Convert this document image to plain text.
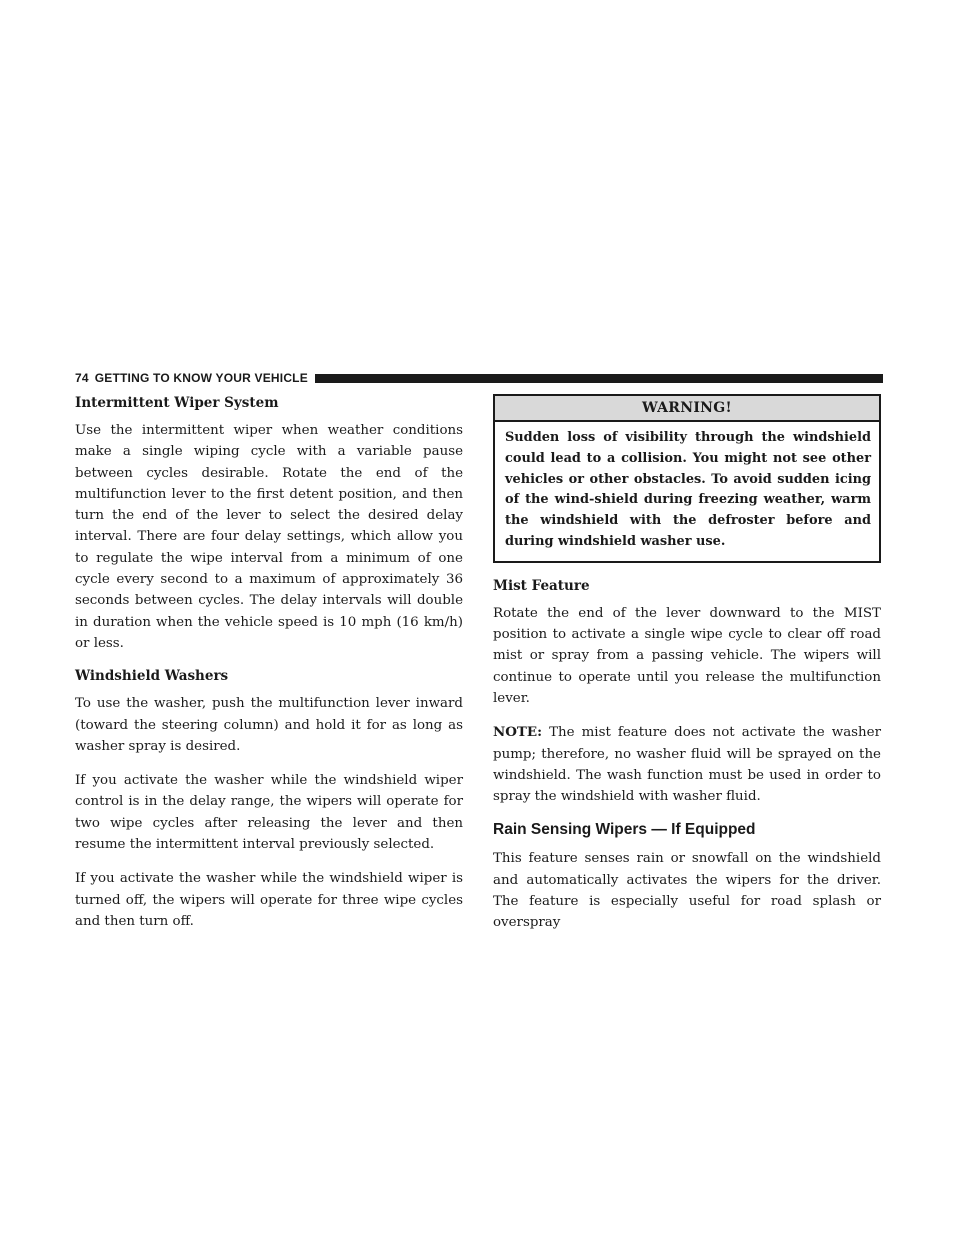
74 GETTING TO KNOW YOUR VEHICLE
Intermittent Wiper System

Use the intermittent wiper when weather conditions make a single wiping cycle with a variable pause between cycles desirable. Rotate the end of the multifunction lever to the first detent position, and then turn the end of the lever to select the desired delay interval. There are four delay settings, which allow you to regulate the wipe interval from a minimum of one cycle every second to a maximum of approximately 36 seconds between cycles. The delay intervals will double in duration when the vehicle speed is 10 mph (16 km/h) or less.

Windshield Washers

To use the washer, push the multifunction lever inward (toward the steering column) and hold it for as long as washer spray is desired.

If you activate the washer while the windshield wiper control is in the delay range, the wipers will operate for two wipe cycles after releasing the lever and then resume the intermittent interval previously selected.

If you activate the washer while the windshield wiper is turned off, the wipers will operate for three wipe cycles and then turn off.

WARNING!
Sudden loss of visibility through the windshield could lead to a collision. You might not see other vehicles or other obstacles. To avoid sudden icing of the wind-shield during freezing weather, warm the windshield with the defroster before and during windshield washer use.
Mist Feature

Rotate the end of the lever downward to the MIST position to activate a single wipe cycle to clear off road mist or spray from a passing vehicle. The wipers will continue to operate until you release the multifunction lever.

NOTE: The mist feature does not activate the washer pump; therefore, no washer fluid will be sprayed on the windshield. The wash function must be used in order to spray the windshield with washer fluid.

Rain Sensing Wipers — If Equipped

This feature senses rain or snowfall on the windshield and automatically activates the wipers for the driver. The feature is especially useful for road splash or overspray
